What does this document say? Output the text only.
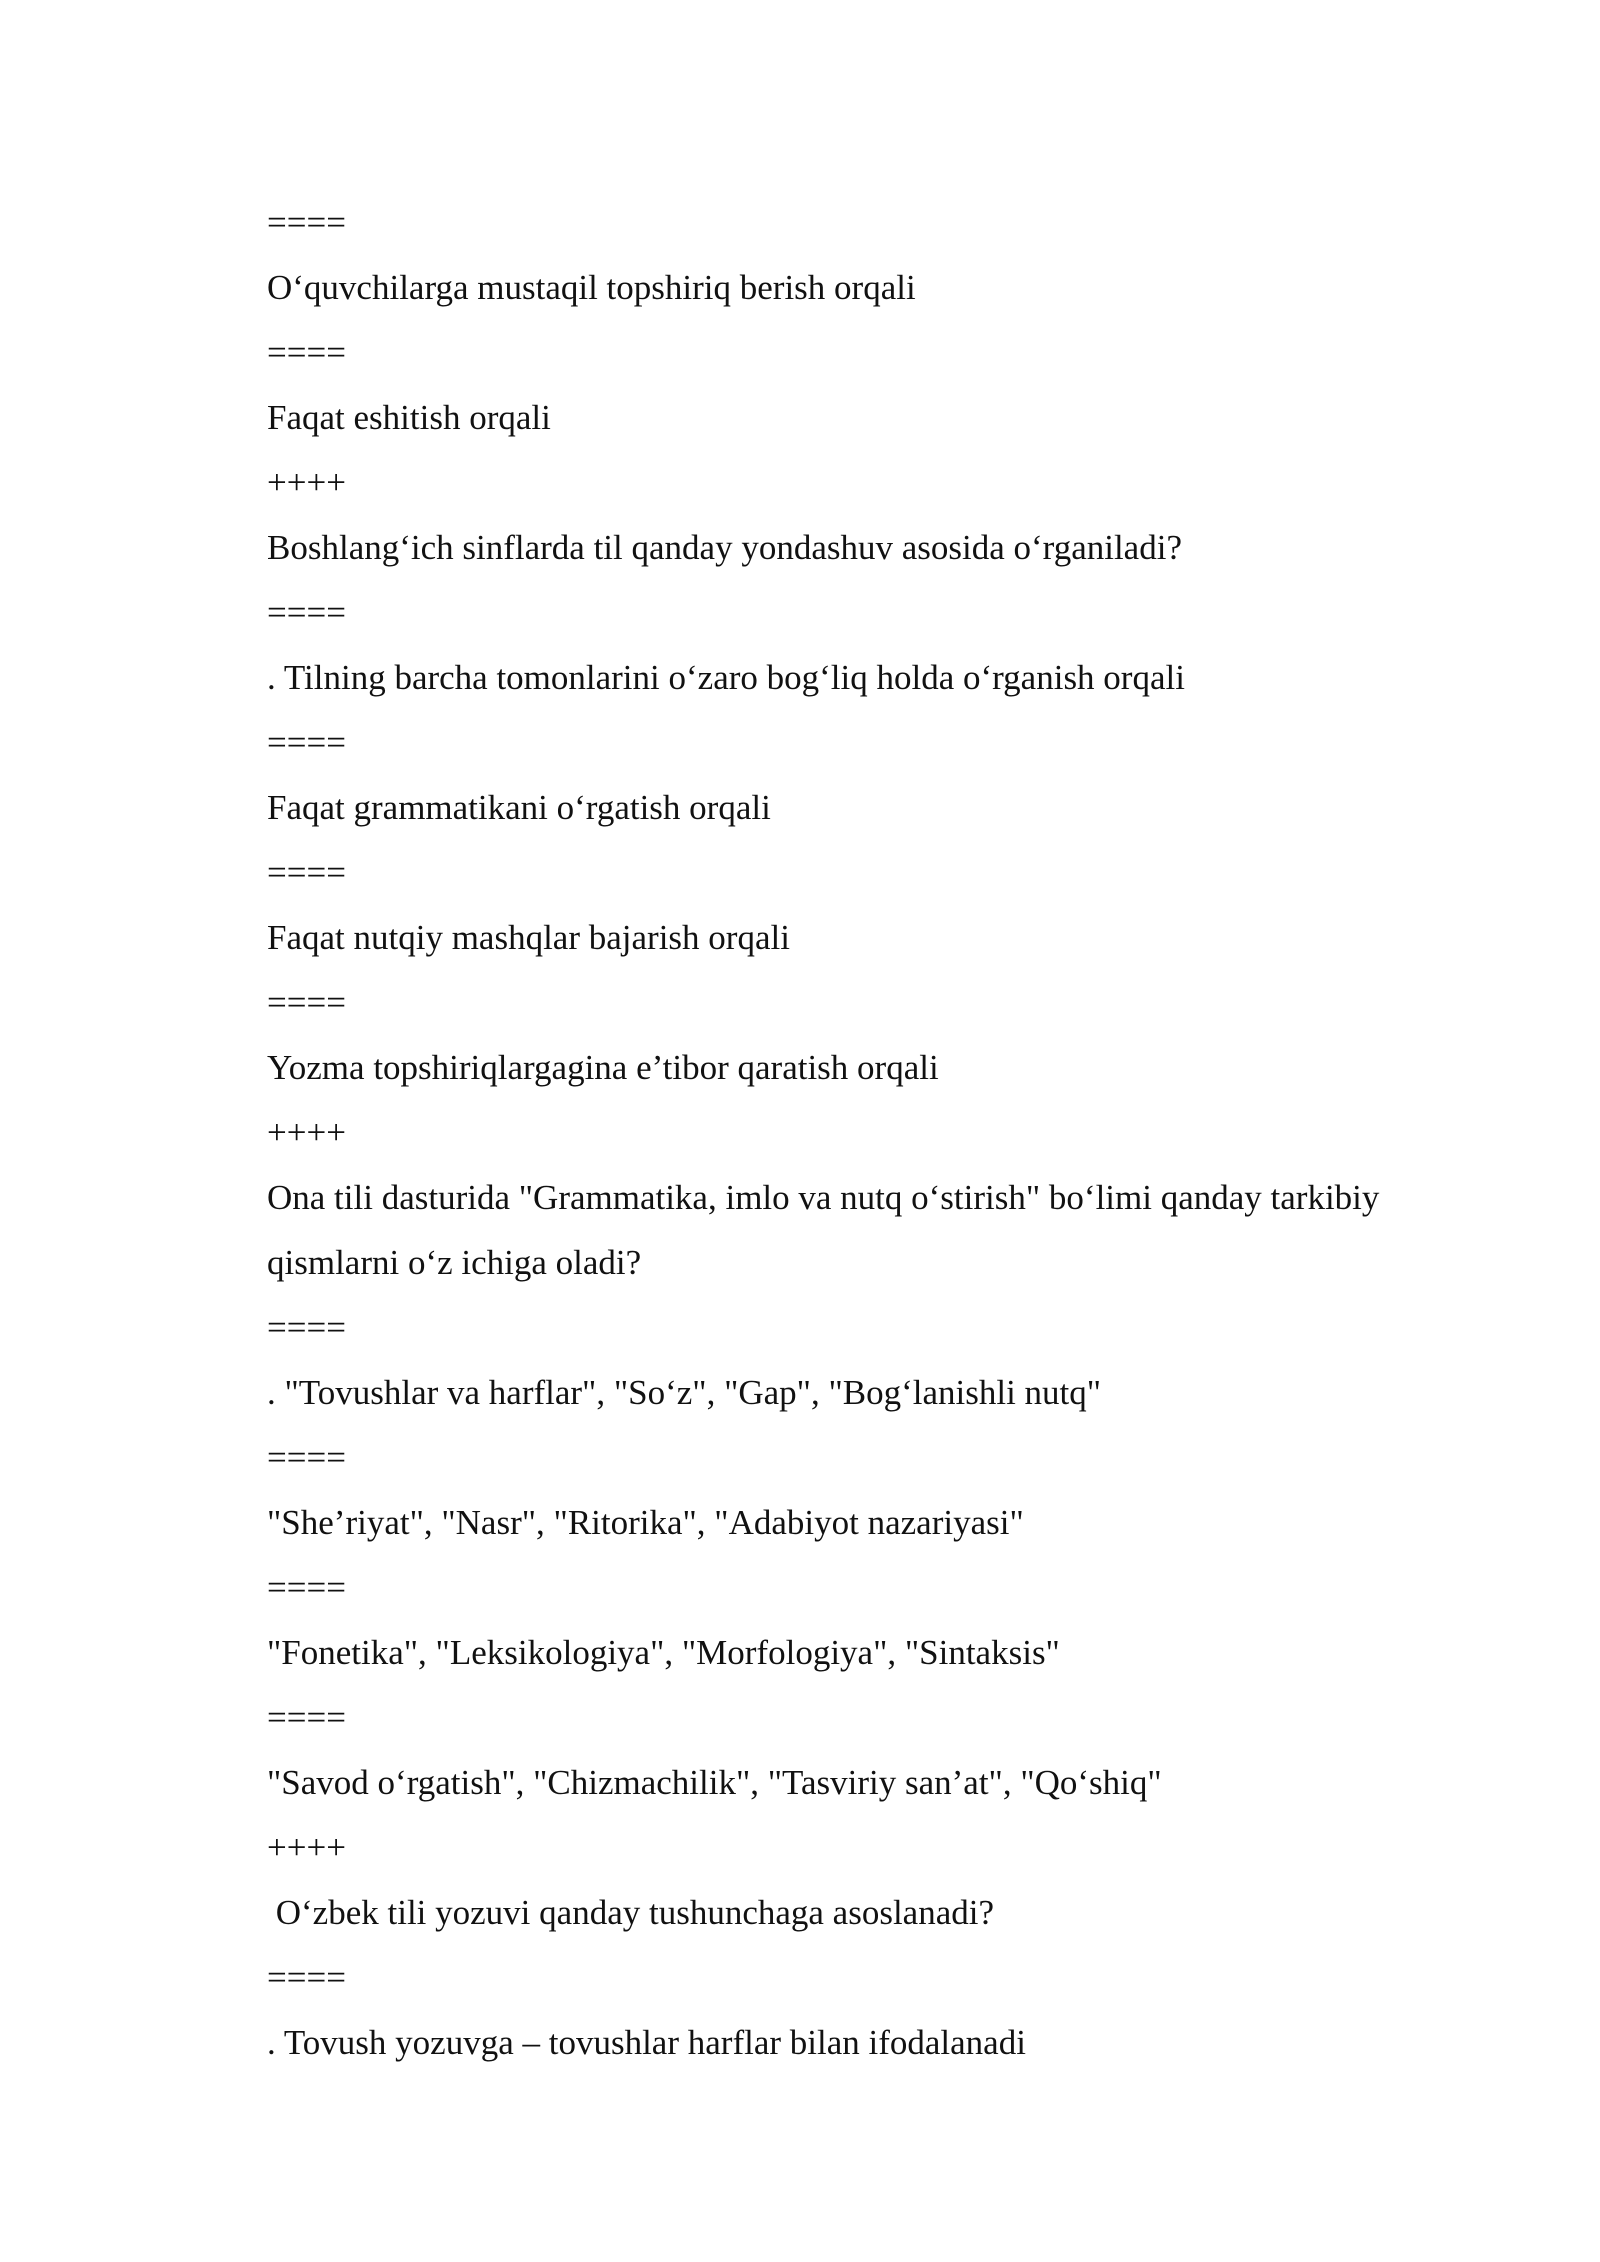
====

O‘quvchilarga mustaqil topshiriq berish orqali

====

Faqat eshitish orqali

++++

Boshlang‘ich sinflarda til qanday yondashuv asosida o‘rganiladi?

====

. Tilning barcha tomonlarini o‘zaro bog‘liq holda o‘rganish orqali

====

Faqat grammatikani o‘rgatish orqali

====

Faqat nutqiy mashqlar bajarish orqali

====

Yozma topshiriqlargagina e’tibor qaratish orqali

++++

Ona tili dasturida "Grammatika, imlo va nutq o‘stirish" bo‘limi qanday tarkibiy qismlarni o‘z ichiga oladi?

====

. "Tovushlar va harflar", "So‘z", "Gap", "Bog‘lanishli nutq"

====

"She’riyat", "Nasr", "Ritorika", "Adabiyot nazariyasi"

====

"Fonetika", "Leksikologiya", "Morfologiya", "Sintaksis"

====

"Savod o‘rgatish", "Chizmachilik", "Tasviriy san’at", "Qo‘shiq"

++++

O‘zbek tili yozuvi qanday tushunchaga asoslanadi?

====

. Tovush yozuvga – tovushlar harflar bilan ifodalanadi
